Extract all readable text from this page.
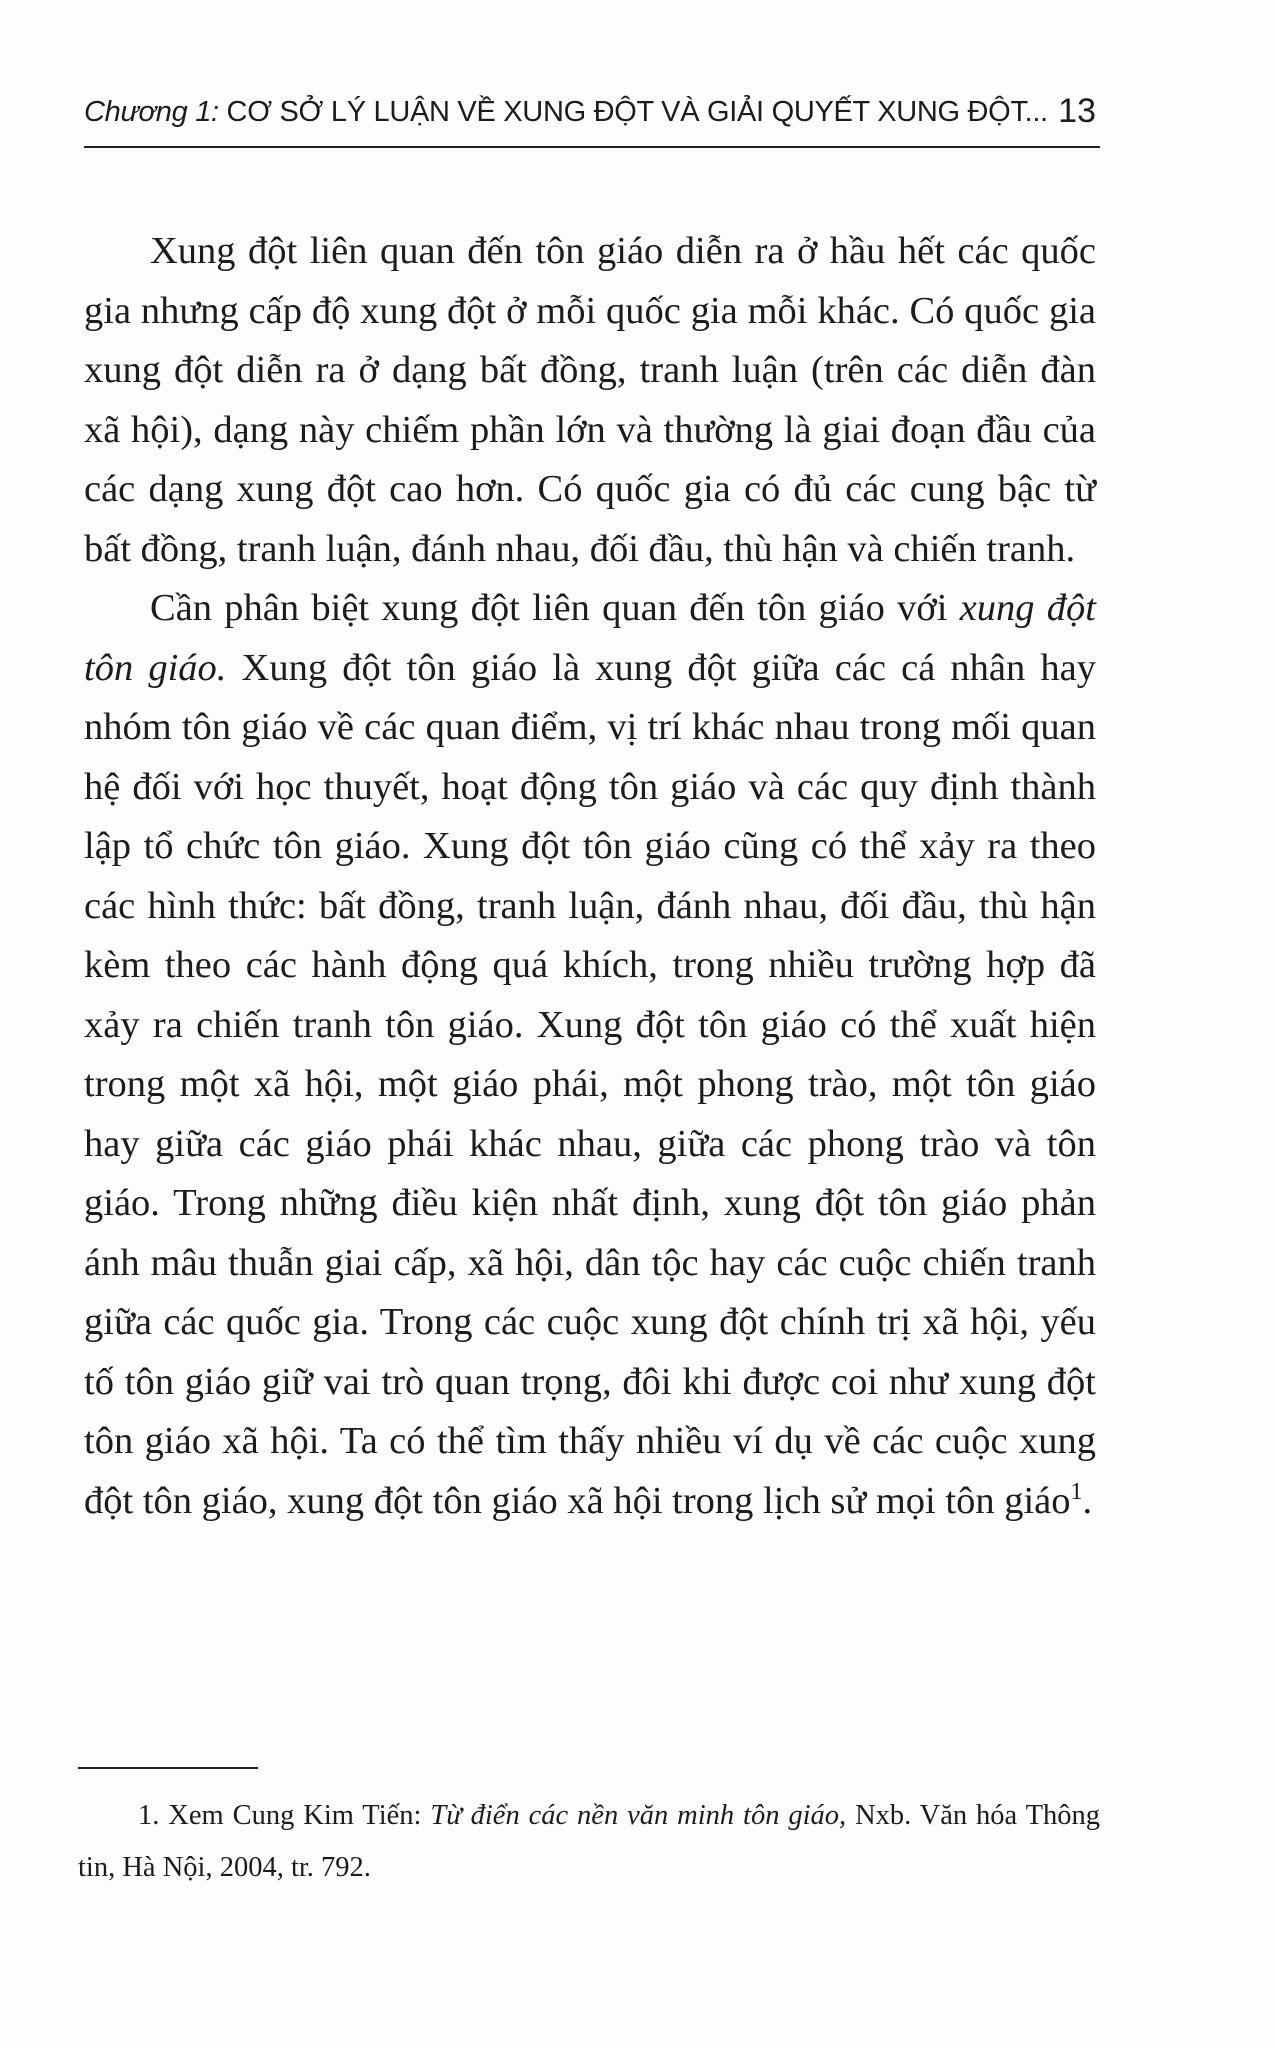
Chương 1: CƠ SỞ LÝ LUẬN VỀ XUNG ĐỘT VÀ GIẢI QUYẾT XUNG ĐỘT... 13

Xung đột liên quan đến tôn giáo diễn ra ở hầu hết các quốc gia nhưng cấp độ xung đột ở mỗi quốc gia mỗi khác. Có quốc gia xung đột diễn ra ở dạng bất đồng, tranh luận (trên các diễn đàn xã hội), dạng này chiếm phần lớn và thường là giai đoạn đầu của các dạng xung đột cao hơn. Có quốc gia có đủ các cung bậc từ bất đồng, tranh luận, đánh nhau, đối đầu, thù hận và chiến tranh.

Cần phân biệt xung đột liên quan đến tôn giáo với xung đột tôn giáo. Xung đột tôn giáo là xung đột giữa các cá nhân hay nhóm tôn giáo về các quan điểm, vị trí khác nhau trong mối quan hệ đối với học thuyết, hoạt động tôn giáo và các quy định thành lập tổ chức tôn giáo. Xung đột tôn giáo cũng có thể xảy ra theo các hình thức: bất đồng, tranh luận, đánh nhau, đối đầu, thù hận kèm theo các hành động quá khích, trong nhiều trường hợp đã xảy ra chiến tranh tôn giáo. Xung đột tôn giáo có thể xuất hiện trong một xã hội, một giáo phái, một phong trào, một tôn giáo hay giữa các giáo phái khác nhau, giữa các phong trào và tôn giáo. Trong những điều kiện nhất định, xung đột tôn giáo phản ánh mâu thuẫn giai cấp, xã hội, dân tộc hay các cuộc chiến tranh giữa các quốc gia. Trong các cuộc xung đột chính trị xã hội, yếu tố tôn giáo giữ vai trò quan trọng, đôi khi được coi như xung đột tôn giáo xã hội. Ta có thể tìm thấy nhiều ví dụ về các cuộc xung đột tôn giáo, xung đột tôn giáo xã hội trong lịch sử mọi tôn giáo$^1$.

1. Xem Cung Kim Tiến: Từ điển các nền văn minh tôn giáo, Nxb. Văn hóa Thông tin, Hà Nội, 2004, tr. 792.
